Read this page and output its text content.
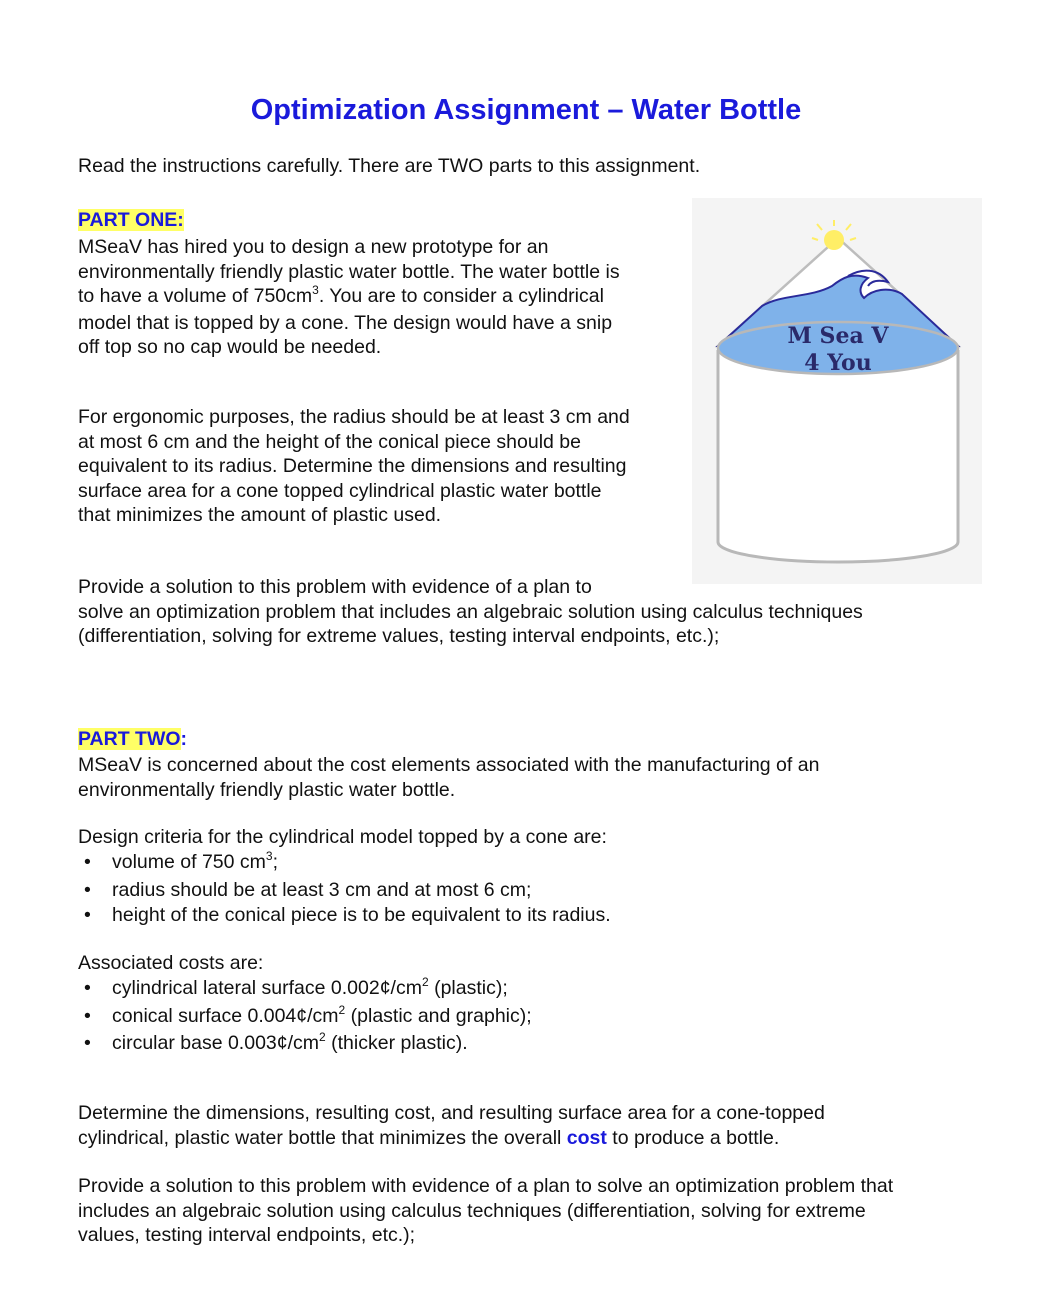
Optimization Assignment – Water Bottle

Read the instructions carefully. There are TWO parts to this assignment.

PART ONE:

MSeaV has hired you to design a new prototype for an
environmentally friendly plastic water bottle. The water bottle is
to have a volume of $750cm^3$. You are to consider a cylindrical
model that is topped by a cone. The design would have a snip
off top so no cap would be needed.
For ergonomic purposes, the radius should be at least 3 cm and
at most 6 cm and the height of the conical piece should be
equivalent to its radius. Determine the dimensions and resulting
surface area for a cone topped cylindrical plastic water bottle
that minimizes the amount of plastic used.
Provide a solution to this problem with evidence of a plan to
solve an optimization problem that includes an algebraic solution using calculus techniques
(differentiation, solving for extreme values, testing interval endpoints, etc.);
M Sea V
4 You

PART TWO:

MSeaV is concerned about the cost elements associated with the manufacturing of an
environmentally friendly plastic water bottle.

Design criteria for the cylindrical model topped by a cone are:

• volume of 750 $cm^3$;
• radius should be at least 3 cm and at most 6 cm;
• height of the conical piece is to be equivalent to its radius.

Associated costs are:

• cylindrical lateral surface $0.002¢/cm^2$ (plastic);
• conical surface $0.004¢/cm^2$ (plastic and graphic);
• circular base $0.003¢/cm^2$ (thicker plastic).
Determine the dimensions, resulting cost, and resulting surface area for a cone-topped
cylindrical, plastic water bottle that minimizes the overall cost to produce a bottle.
Provide a solution to this problem with evidence of a plan to solve an optimization problem that
includes an algebraic solution using calculus techniques (differentiation, solving for extreme
values, testing interval endpoints, etc.);
